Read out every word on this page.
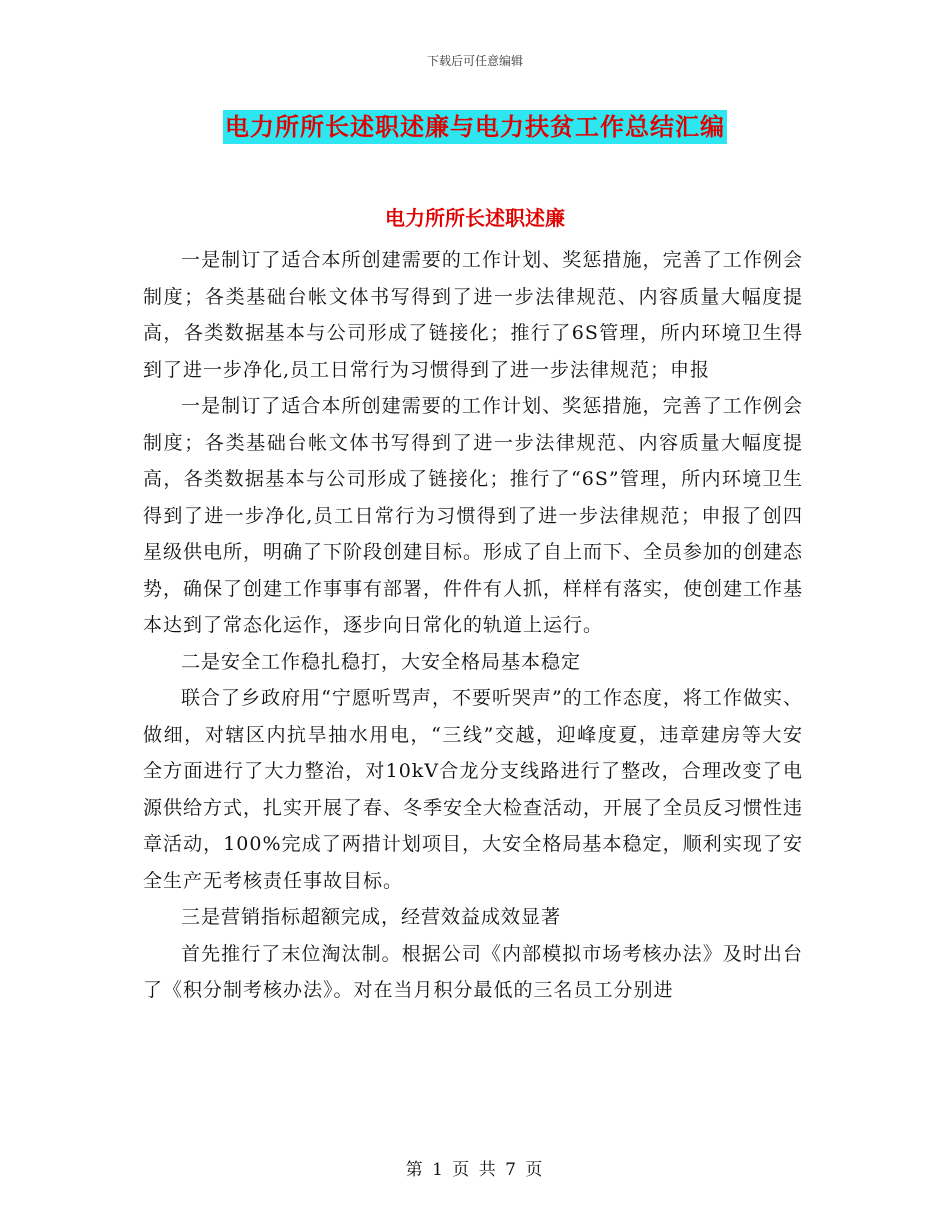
下载后可任意编辑
电力所所长述职述廉与电力扶贫工作总结汇编
电力所所长述职述廉

一是制订了适合本所创建需要的工作计划、奖惩措施，完善了工作例会制度；各类基础台帐文体书写得到了进一步法律规范、内容质量大幅度提高，各类数据基本与公司形成了链接化；推行了6S管理，所内环境卫生得到了进一步净化,员工日常行为习惯得到了进一步法律规范；申报

一是制订了适合本所创建需要的工作计划、奖惩措施，完善了工作例会制度；各类基础台帐文体书写得到了进一步法律规范、内容质量大幅度提高，各类数据基本与公司形成了链接化；推行了“6S”管理，所内环境卫生得到了进一步净化,员工日常行为习惯得到了进一步法律规范；申报了创四星级供电所，明确了下阶段创建目标。形成了自上而下、全员参加的创建态势，确保了创建工作事事有部署，件件有人抓，样样有落实，使创建工作基本达到了常态化运作，逐步向日常化的轨道上运行。

二是安全工作稳扎稳打，大安全格局基本稳定

联合了乡政府用“宁愿听骂声，不要听哭声”的工作态度，将工作做实、做细，对辖区内抗旱抽水用电，“三线”交越，迎峰度夏，违章建房等大安全方面进行了大力整治，对10kV合龙分支线路进行了整改，合理改变了电源供给方式，扎实开展了春、冬季安全大检查活动，开展了全员反习惯性违章活动，100%完成了两措计划项目，大安全格局基本稳定，顺利实现了安全生产无考核责任事故目标。

三是营销指标超额完成，经营效益成效显著

首先推行了末位淘汰制。根据公司《内部模拟市场考核办法》及时出台了《积分制考核办法》。对在当月积分最低的三名员工分别进

第 1 页 共 7 页
